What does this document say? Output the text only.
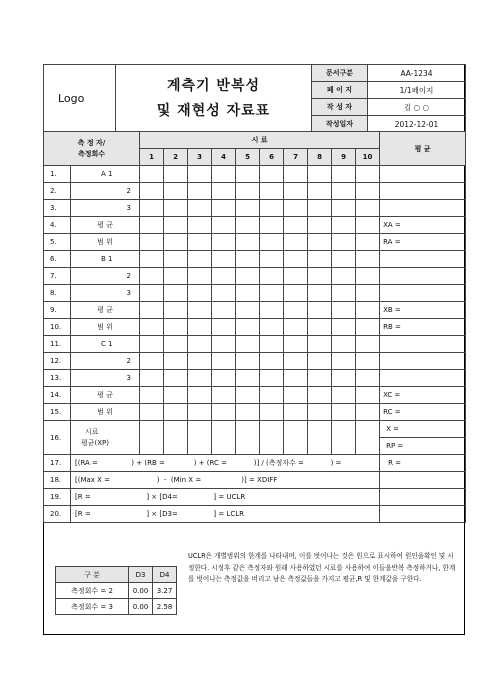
Logo	계측기 반복성
및 재현성 자료표	문서구분	AA-1234
		페 이 지	1/1페이지
		작 성 자	김 ○ ○
		작성일자	2012-12-01
측 정 자/
측정회수		시 료										평 균
		1	2	3	4	5	6	7	8	9	10	
1.	A 1											
2.	2											
3.	3											
4.	평 균											XA =
5.	범 위											RA =
6.	B 1											
7.	2											
8.	3											
9.	평 균											XB =
10.	범 위											RB =
11.	C 1											
12.	2											
13.	3											
14.	평 균											XC =
15.	범 위											RC =
16.	시료
평균(XP)											X =
												RP =
17.	[(RA =               ) + (RB =             ) + (RC =            )] / (측정자수 =            ) =											R =
18.	[(Max X =                     )  -  (Min X =                  )] = XDIFF											
19.	[R =                         ] × [D4=                ] = UCLR											
20.	[R =                         ] × [D3=                ] = LCLR											
구 분	D3	D4
측정회수 = 2	0.00	3.27
측정회수 = 3	0.00	2.58
UCLR은 개별범위의 한계를 나타내며, 이를 벗어나는 것은 원으로 표시하여 원인을확인 및 시정한다. 시정후 같은 측정자와 원래 사용하였던 시료를 사용하여 이들을반복 측정하거나, 한계를 벗어나는 측정값을 버리고 남은 측정값들을 가지고 평균,R 및 한계값을 구한다.
